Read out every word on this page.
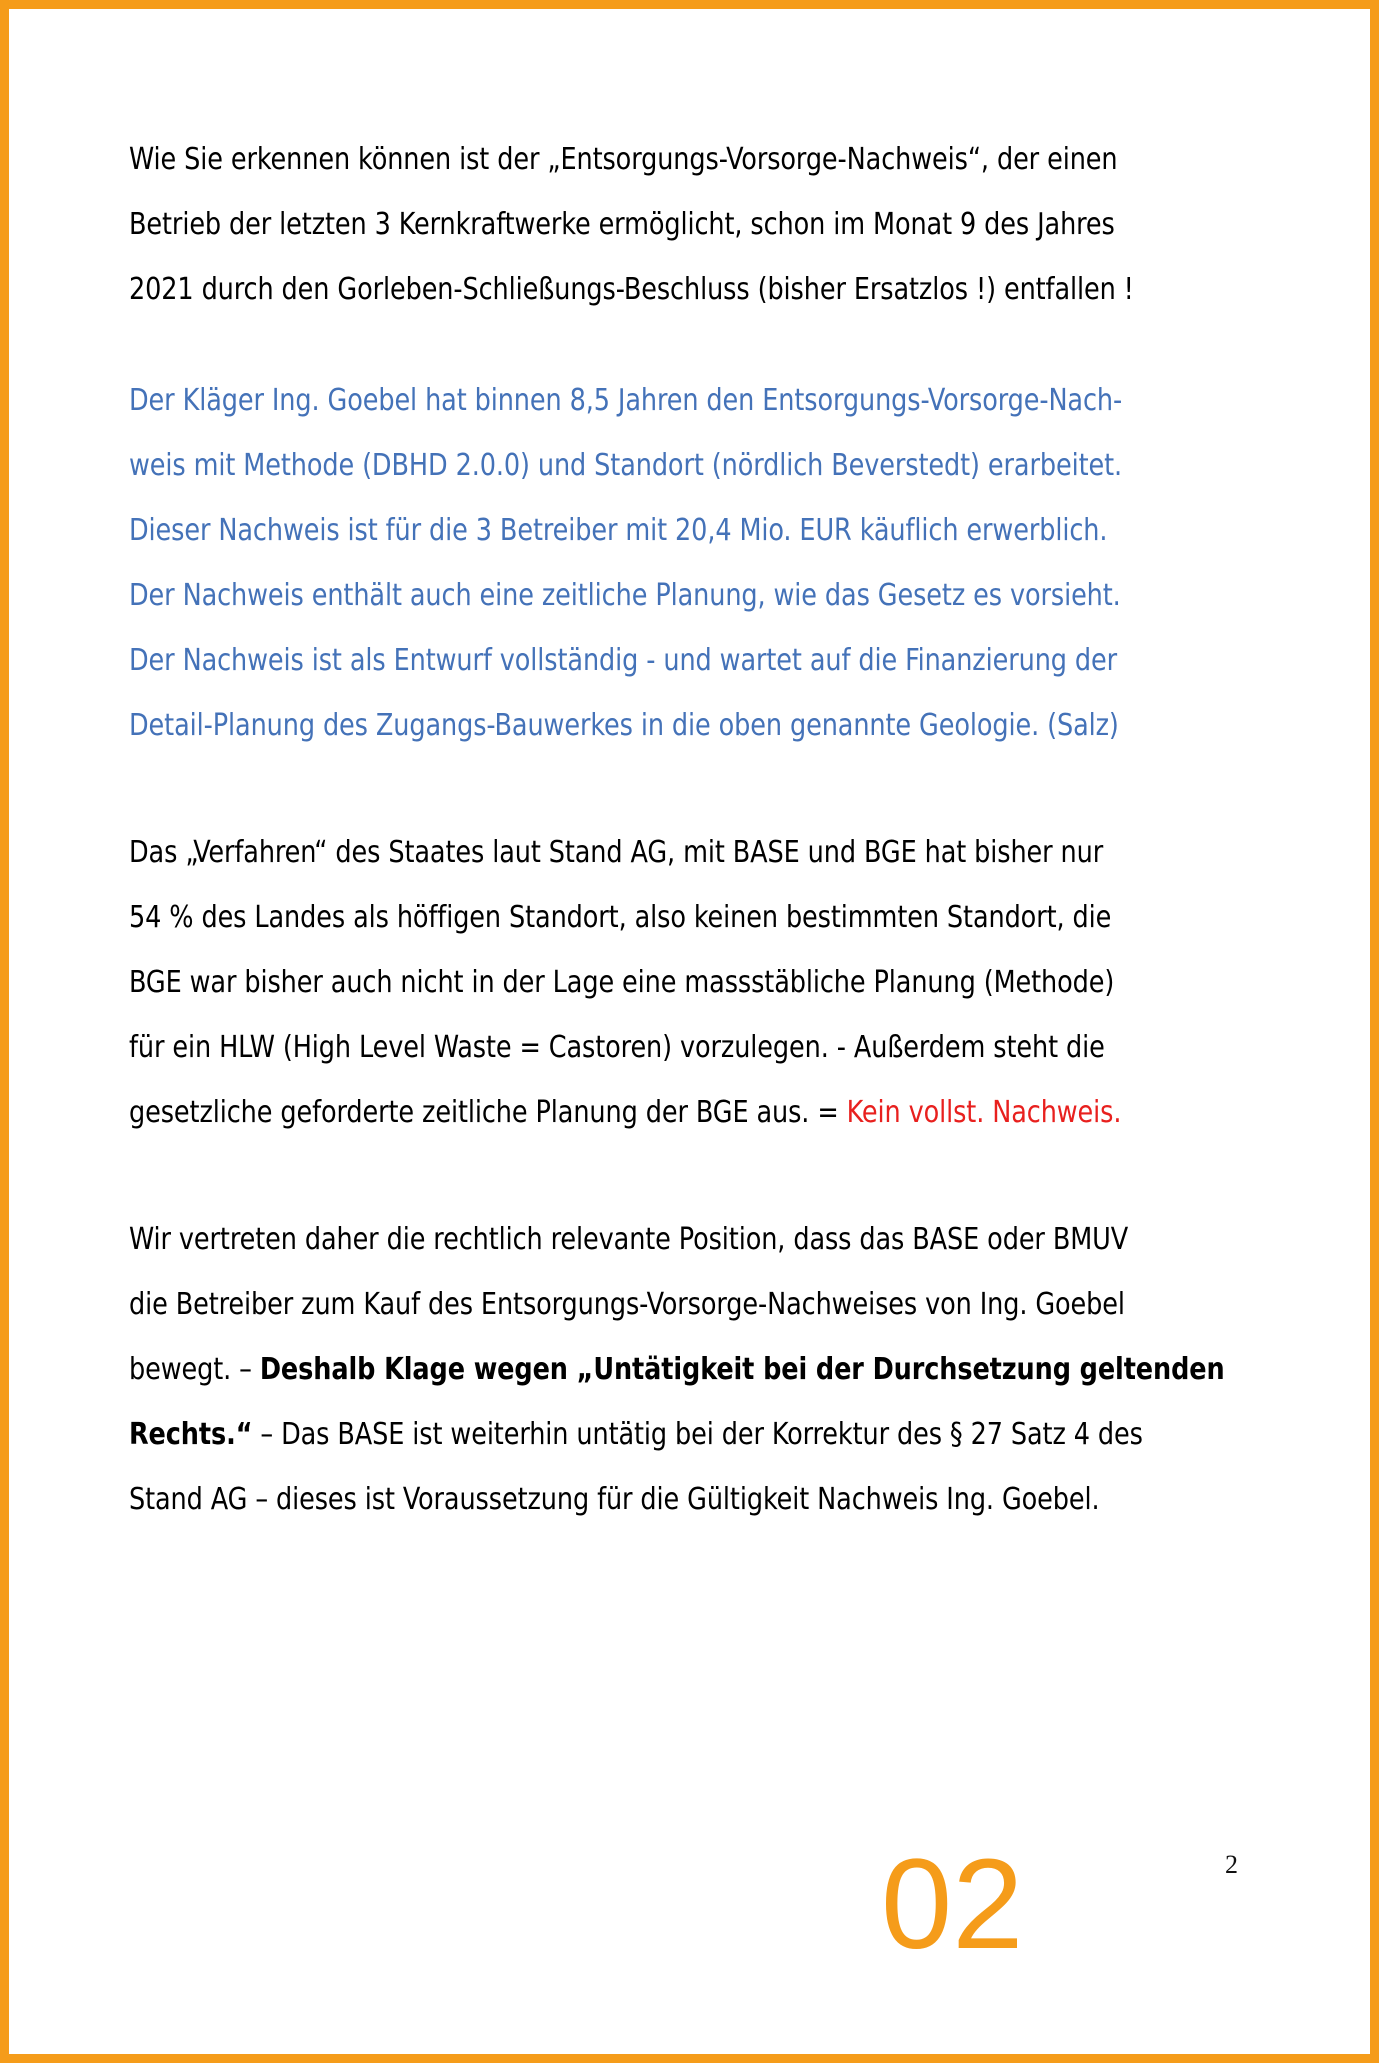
Wie Sie erkennen können ist der „Entsorgungs-Vorsorge-Nachweis“, der einen

Betrieb der letzten 3 Kernkraftwerke ermöglicht, schon im Monat 9 des Jahres

2021 durch den Gorleben-Schließungs-Beschluss (bisher Ersatzlos !) entfallen !

Der Kläger Ing. Goebel hat binnen 8,5 Jahren den Entsorgungs-Vorsorge-Nach-

weis mit Methode (DBHD 2.0.0) und Standort (nördlich Beverstedt) erarbeitet.

Dieser Nachweis ist für die 3 Betreiber mit 20,4 Mio. EUR käuflich erwerblich.

Der Nachweis enthält auch eine zeitliche Planung, wie das Gesetz es vorsieht.

Der Nachweis ist als Entwurf vollständig - und wartet auf die Finanzierung der

Detail-Planung des Zugangs-Bauwerkes in die oben genannte Geologie. (Salz)

Das „Verfahren“ des Staates laut Stand AG, mit BASE und BGE hat bisher nur

54 % des Landes als höffigen Standort, also keinen bestimmten Standort, die

BGE war bisher auch nicht in der Lage eine massstäbliche Planung (Methode)

für ein HLW (High Level Waste = Castoren) vorzulegen. - Außerdem steht die

gesetzliche geforderte zeitliche Planung der BGE aus. = Kein vollst. Nachweis.

Wir vertreten daher die rechtlich relevante Position, dass das BASE oder BMUV

die Betreiber zum Kauf des Entsorgungs-Vorsorge-Nachweises von Ing. Goebel

bewegt. – Deshalb Klage wegen „Untätigkeit bei der Durchsetzung geltenden

Rechts.“ – Das BASE ist weiterhin untätig bei der Korrektur des § 27 Satz 4 des

Stand AG – dieses ist Voraussetzung für die Gültigkeit Nachweis Ing. Goebel.

02	2
